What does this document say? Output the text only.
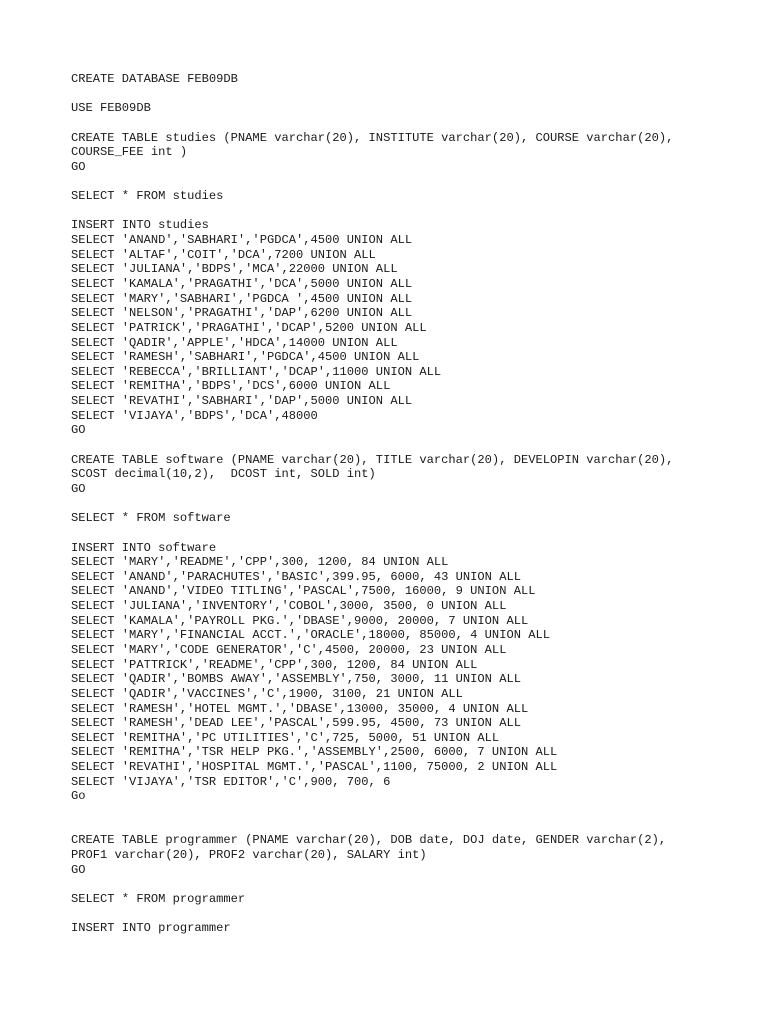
CREATE DATABASE FEB09DB
USE FEB09DB
CREATE TABLE studies (PNAME varchar(20), INSTITUTE varchar(20), COURSE varchar(20),
COURSE_FEE int )
GO
SELECT * FROM studies
INSERT INTO studies
SELECT 'ANAND','SABHARI','PGDCA',4500 UNION ALL
SELECT 'ALTAF','COIT','DCA',7200 UNION ALL
SELECT 'JULIANA','BDPS','MCA',22000 UNION ALL
SELECT 'KAMALA','PRAGATHI','DCA',5000 UNION ALL
SELECT 'MARY','SABHARI','PGDCA ',4500 UNION ALL
SELECT 'NELSON','PRAGATHI','DAP',6200 UNION ALL
SELECT 'PATRICK','PRAGATHI','DCAP',5200 UNION ALL
SELECT 'QADIR','APPLE','HDCA',14000 UNION ALL
SELECT 'RAMESH','SABHARI','PGDCA',4500 UNION ALL
SELECT 'REBECCA','BRILLIANT','DCAP',11000 UNION ALL
SELECT 'REMITHA','BDPS','DCS',6000 UNION ALL
SELECT 'REVATHI','SABHARI','DAP',5000 UNION ALL
SELECT 'VIJAYA','BDPS','DCA',48000
GO
CREATE TABLE software (PNAME varchar(20), TITLE varchar(20), DEVELOPIN varchar(20),
SCOST decimal(10,2),  DCOST int, SOLD int)
GO
SELECT * FROM software
INSERT INTO software
SELECT 'MARY','README','CPP',300, 1200, 84 UNION ALL
SELECT 'ANAND','PARACHUTES','BASIC',399.95, 6000, 43 UNION ALL
SELECT 'ANAND','VIDEO TITLING','PASCAL',7500, 16000, 9 UNION ALL
SELECT 'JULIANA','INVENTORY','COBOL',3000, 3500, 0 UNION ALL
SELECT 'KAMALA','PAYROLL PKG.','DBASE',9000, 20000, 7 UNION ALL
SELECT 'MARY','FINANCIAL ACCT.','ORACLE',18000, 85000, 4 UNION ALL
SELECT 'MARY','CODE GENERATOR','C',4500, 20000, 23 UNION ALL
SELECT 'PATTRICK','README','CPP',300, 1200, 84 UNION ALL
SELECT 'QADIR','BOMBS AWAY','ASSEMBLY',750, 3000, 11 UNION ALL
SELECT 'QADIR','VACCINES','C',1900, 3100, 21 UNION ALL
SELECT 'RAMESH','HOTEL MGMT.','DBASE',13000, 35000, 4 UNION ALL
SELECT 'RAMESH','DEAD LEE','PASCAL',599.95, 4500, 73 UNION ALL
SELECT 'REMITHA','PC UTILITIES','C',725, 5000, 51 UNION ALL
SELECT 'REMITHA','TSR HELP PKG.','ASSEMBLY',2500, 6000, 7 UNION ALL
SELECT 'REVATHI','HOSPITAL MGMT.','PASCAL',1100, 75000, 2 UNION ALL
SELECT 'VIJAYA','TSR EDITOR','C',900, 700, 6
Go
CREATE TABLE programmer (PNAME varchar(20), DOB date, DOJ date, GENDER varchar(2),
PROF1 varchar(20), PROF2 varchar(20), SALARY int)
GO
SELECT * FROM programmer
INSERT INTO programmer
